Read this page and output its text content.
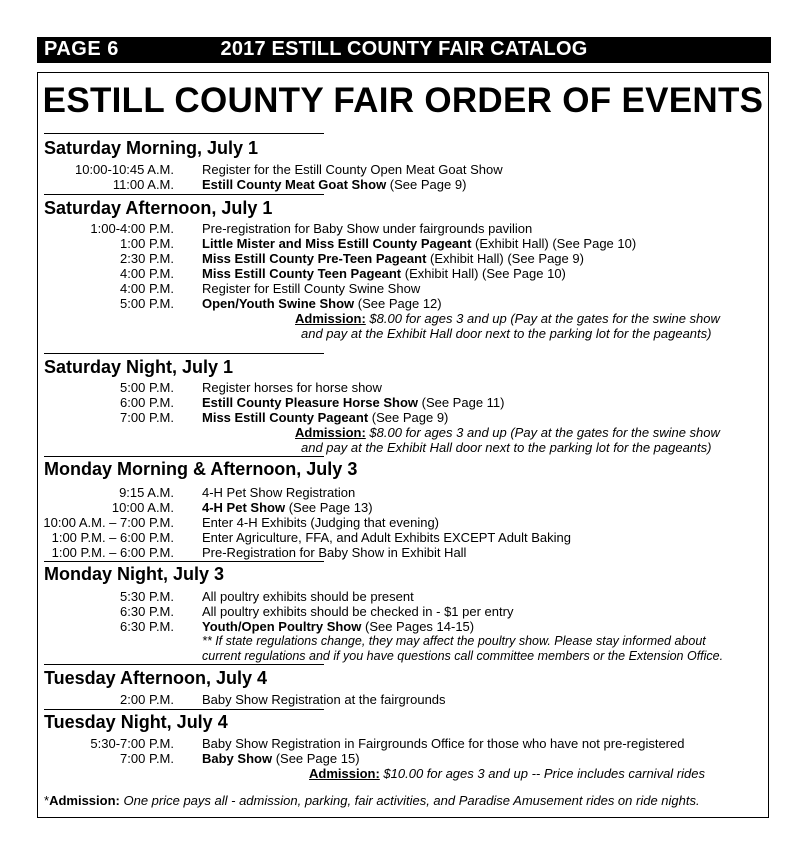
PAGE 6	2017 ESTILL COUNTY FAIR CATALOG
ESTILL COUNTY FAIR ORDER OF EVENTS
Saturday Morning, July 1
10:00-10:45 A.M. Register for the Estill County Open Meat Goat Show
11:00 A.M. Estill County Meat Goat Show (See Page 9)
Saturday Afternoon, July 1
1:00-4:00 P.M. Pre-registration for Baby Show under fairgrounds pavilion
1:00 P.M. Little Mister and Miss Estill County Pageant (Exhibit Hall) (See Page 10)
2:30 P.M. Miss Estill County Pre-Teen Pageant (Exhibit Hall) (See Page 9)
4:00 P.M. Miss Estill County Teen Pageant (Exhibit Hall) (See Page 10)
4:00 P.M. Register for Estill County Swine Show
5:00 P.M. Open/Youth Swine Show (See Page 12)
Admission: $8.00 for ages 3 and up (Pay at the gates for the swine show
and pay at the Exhibit Hall door next to the parking lot for the pageants)
Saturday Night, July 1
5:00 P.M. Register horses for horse show
6:00 P.M. Estill County Pleasure Horse Show (See Page 11)
7:00 P.M. Miss Estill County Pageant (See Page 9)
Admission: $8.00 for ages 3 and up (Pay at the gates for the swine show
and pay at the Exhibit Hall door next to the parking lot for the pageants)
Monday Morning & Afternoon, July 3
9:15 A.M. 4-H Pet Show Registration
10:00 A.M. 4-H Pet Show (See Page 13)
10:00 A.M. – 7:00 P.M. Enter 4-H Exhibits (Judging that evening)
1:00 P.M. – 6:00 P.M. Enter Agriculture, FFA, and Adult Exhibits EXCEPT Adult Baking
1:00 P.M. – 6:00 P.M. Pre-Registration for Baby Show in Exhibit Hall
Monday Night, July 3
5:30 P.M. All poultry exhibits should be present
6:30 P.M. All poultry exhibits should be checked in - $1 per entry
6:30 P.M. Youth/Open Poultry Show (See Pages 14-15)
** If state regulations change, they may affect the poultry show. Please stay informed about
current regulations and if you have questions call committee members or the Extension Office.
Tuesday Afternoon, July 4
2:00 P.M. Baby Show Registration at the fairgrounds
Tuesday Night, July 4
5:30-7:00 P.M. Baby Show Registration in Fairgrounds Office for those who have not pre-registered
7:00 P.M. Baby Show (See Page 15)
Admission: $10.00 for ages 3 and up -- Price includes carnival rides
*Admission: One price pays all - admission, parking, fair activities, and Paradise Amusement rides on ride nights.
